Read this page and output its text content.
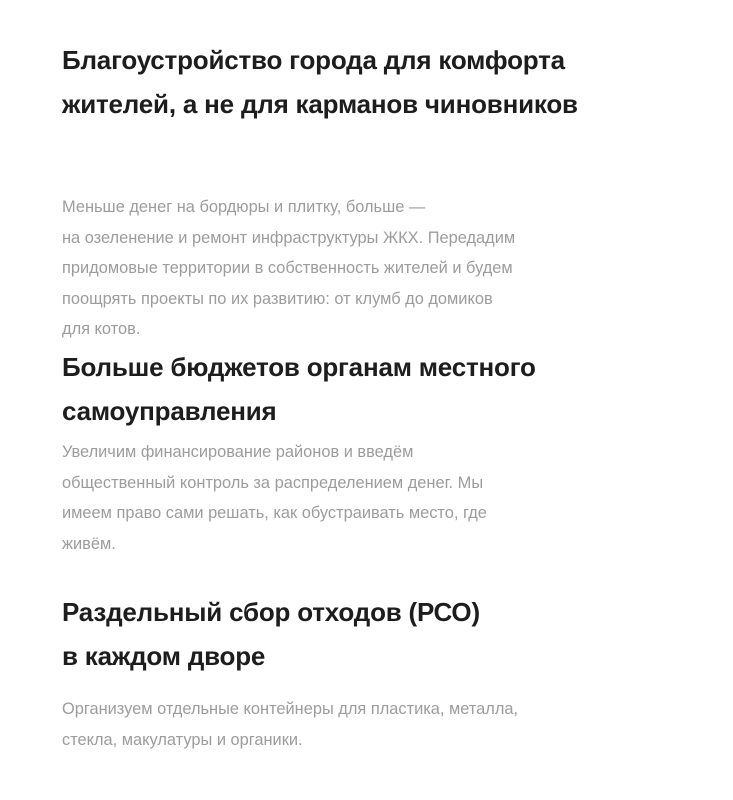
Благоустройство города для комфорта
жителей, а не для карманов чиновников

Меньше денег на бордюры и плитку, больше —
на озеленение и ремонт инфраструктуры ЖКХ. Передадим
придомовые территории в собственность жителей и будем
поощрять проекты по их развитию: от клумб до домиков
для котов.

Больше бюджетов органам местного
самоуправления

Увеличим финансирование районов и введём
общественный контроль за распределением денег. Мы
имеем право сами решать, как обустраивать место, где
живём.

Раздельный сбор отходов (РСО)
в каждом дворе

Организуем отдельные контейнеры для пластика, металла,
стекла, макулатуры и органики.
